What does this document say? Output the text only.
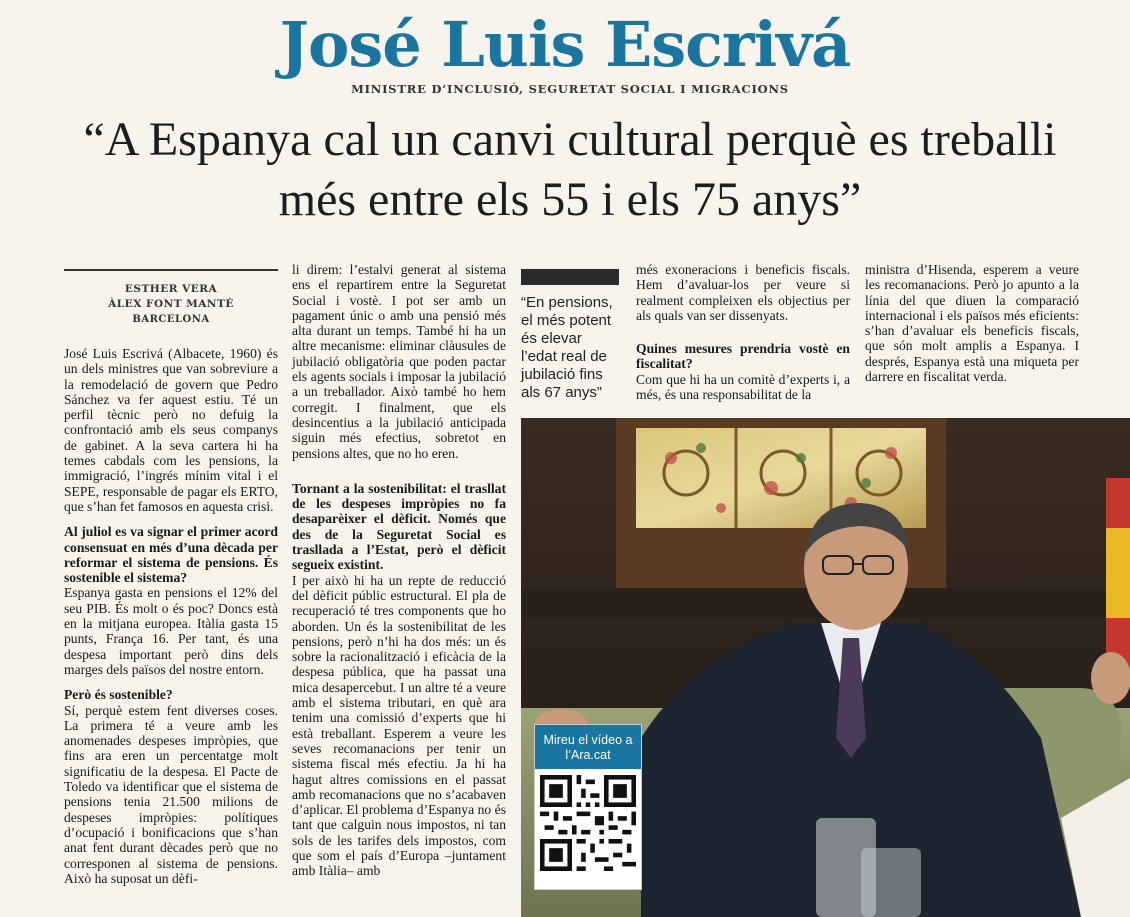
José Luis Escrivá
MINISTRE D’INCLUSIÓ, SEGURETAT SOCIAL I MIGRACIONS
“A Espanya cal un canvi cultural perquè es treballi més entre els 55 i els 75 anys”
ESTHER VERA
ÀLEX FONT MANTÉ
BARCELONA

José Luis Escrivá (Albacete, 1960) és un dels ministres que van sobreviure a la remodelació de govern que Pedro Sánchez va fer aquest estiu. Té un perfil tècnic però no defuig la confrontació amb els seus companys de gabinet. A la seva cartera hi ha temes cabdals com les pensions, la immigració, l’ingrés mínim vital i el SEPE, responsable de pagar els ERTO, que s’han fet famosos en aquesta crisi.

Al juliol es va signar el primer acord consensuat en més d’una dècada per reformar el sistema de pensions. És sostenible el sistema?

Espanya gasta en pensions el 12% del seu PIB. És molt o és poc? Doncs està en la mitjana europea. Itàlia gasta 15 punts, França 16. Per tant, és una despesa important però dins dels marges dels països del nostre entorn.

Però és sostenible?

Sí, perquè estem fent diverses coses. La primera té a veure amb les anomenades despeses impròpies, que fins ara eren un percentatge molt significatiu de la despesa. El Pacte de Toledo va identificar que el sistema de pensions tenia 21.500 milions de despeses impròpies: polítiques d’ocupació i bonificacions que s’han anat fent durant dècades però que no corresponen al sistema de pensions. Això ha suposat un dèfi-

li direm: l’estalvi generat al sistema ens el repartirem entre la Seguretat Social i vostè. I pot ser amb un pagament únic o amb una pensió més alta durant un temps. També hi ha un altre mecanisme: eliminar clàusules de jubilació obligatòria que poden pactar els agents socials i imposar la jubilació a un treballador. Això també ho hem corregit. I finalment, que els desincentius a la jubilació anticipada siguin més efectius, sobretot en pensions altes, que no ho eren.

Tornant a la sostenibilitat: el trasllat de les despeses impròpies no fa desaparèixer el dèficit. Només que des de la Seguretat Social es trasllada a l’Estat, però el dèficit segueix existint.

I per això hi ha un repte de reducció del dèficit públic estructural. El pla de recuperació té tres components que ho aborden. Un és la sostenibilitat de les pensions, però n’hi ha dos més: un és sobre la racionalització i eficàcia de la despesa pública, que ha passat una mica desapercebut. I un altre té a veure amb el sistema tributari, en què ara tenim una comissió d’experts que hi està treballant. Esperem a veure les seves recomanacions per tenir un sistema fiscal més efectiu. Ja hi ha hagut altres comissions en el passat amb recomanacions que no s’acabaven d’aplicar. El problema d’Espanya no és tant que calguin nous impostos, ni tan sols de les tarifes dels impostos, com que som el país d’Europa –juntament amb Itàlia– amb

“En pensions, el més potent és elevar l’edat real de jubilació fins als 67 anys”

més exoneracions i beneficis fiscals. Hem d’avaluar-los per veure si realment compleixen els objectius per als quals van ser dissenyats.

Quines mesures prendria vostè en fiscalitat?

Com que hi ha un comitè d’experts i, a més, és una responsabilitat de la

ministra d’Hisenda, esperem a veure les recomanacions. Però jo apunto a la línia del que diuen la comparació internacional i els països més eficients: s’han d’avaluar els beneficis fiscals, que són molt amplis a Espanya. I després, Espanya està una miqueta per darrere en fiscalitat verda.

Mireu el vídeo a l’Ara.cat
